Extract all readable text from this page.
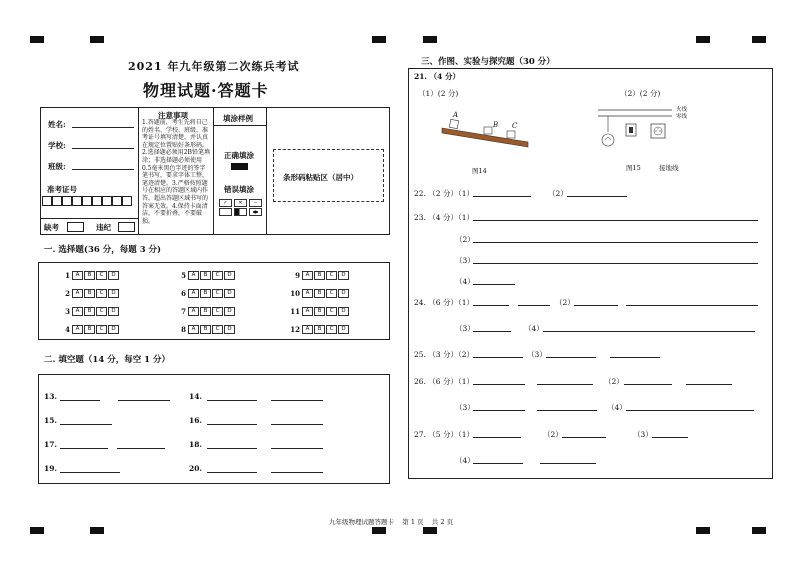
2021 年九年级第二次练兵考试
物理试题·答题卡
姓名:
学校:
班级:
准考证号
缺考	违纪
注意事项
1.答题前，考生先将自己的姓名、学校、班级、准考证号填写清楚，并认真在规定位置贴好条形码。2.选择题必须用2B铅笔填涂；非选择题必须使用0.5毫米黑色字迹的签字笔书写，要求字体工整，笔迹清楚。3.严格按照题号在相应的答题区域内作答，超出答题区域书写的答案无效。4.保持卡面清洁，不要折叠，不要破损。
填涂样例
正确填涂
错误填涂
✓ ✕ −
条形码粘贴区（居中）
一. 选择题(36 分，每题 3 分)
1 A B C D
2 A B C D
3 A B C D
4 A B C D
5 A B C D
6 A B C D
7 A B C D
8 A B C D
9 A B C D
10 A B C D
11 A B C D
12 A B C D
二. 填空题（14 分，每空 1 分）
13.	14.
15.	16.
17.	18.
19.	20.
三、作图、实验与探究题（30 分）
21. （4 分）
（1）(2 分)	（2）(2 分)
A
B C
图14
火线
零线
图15	接地线
22. （2 分）（1）	（2）
23. （4 分）（1）
（2）
（3）
（4）
24. （6 分）（1）	（2）
（3）	（4）
25. （3 分）（2）	（3）
26. （6 分）（1）	（2）
（3）	（4）
27. （5 分）（1）	（2）	（3）
（4）
九年级物理试题答题卡    第 1 页    共 2 页
